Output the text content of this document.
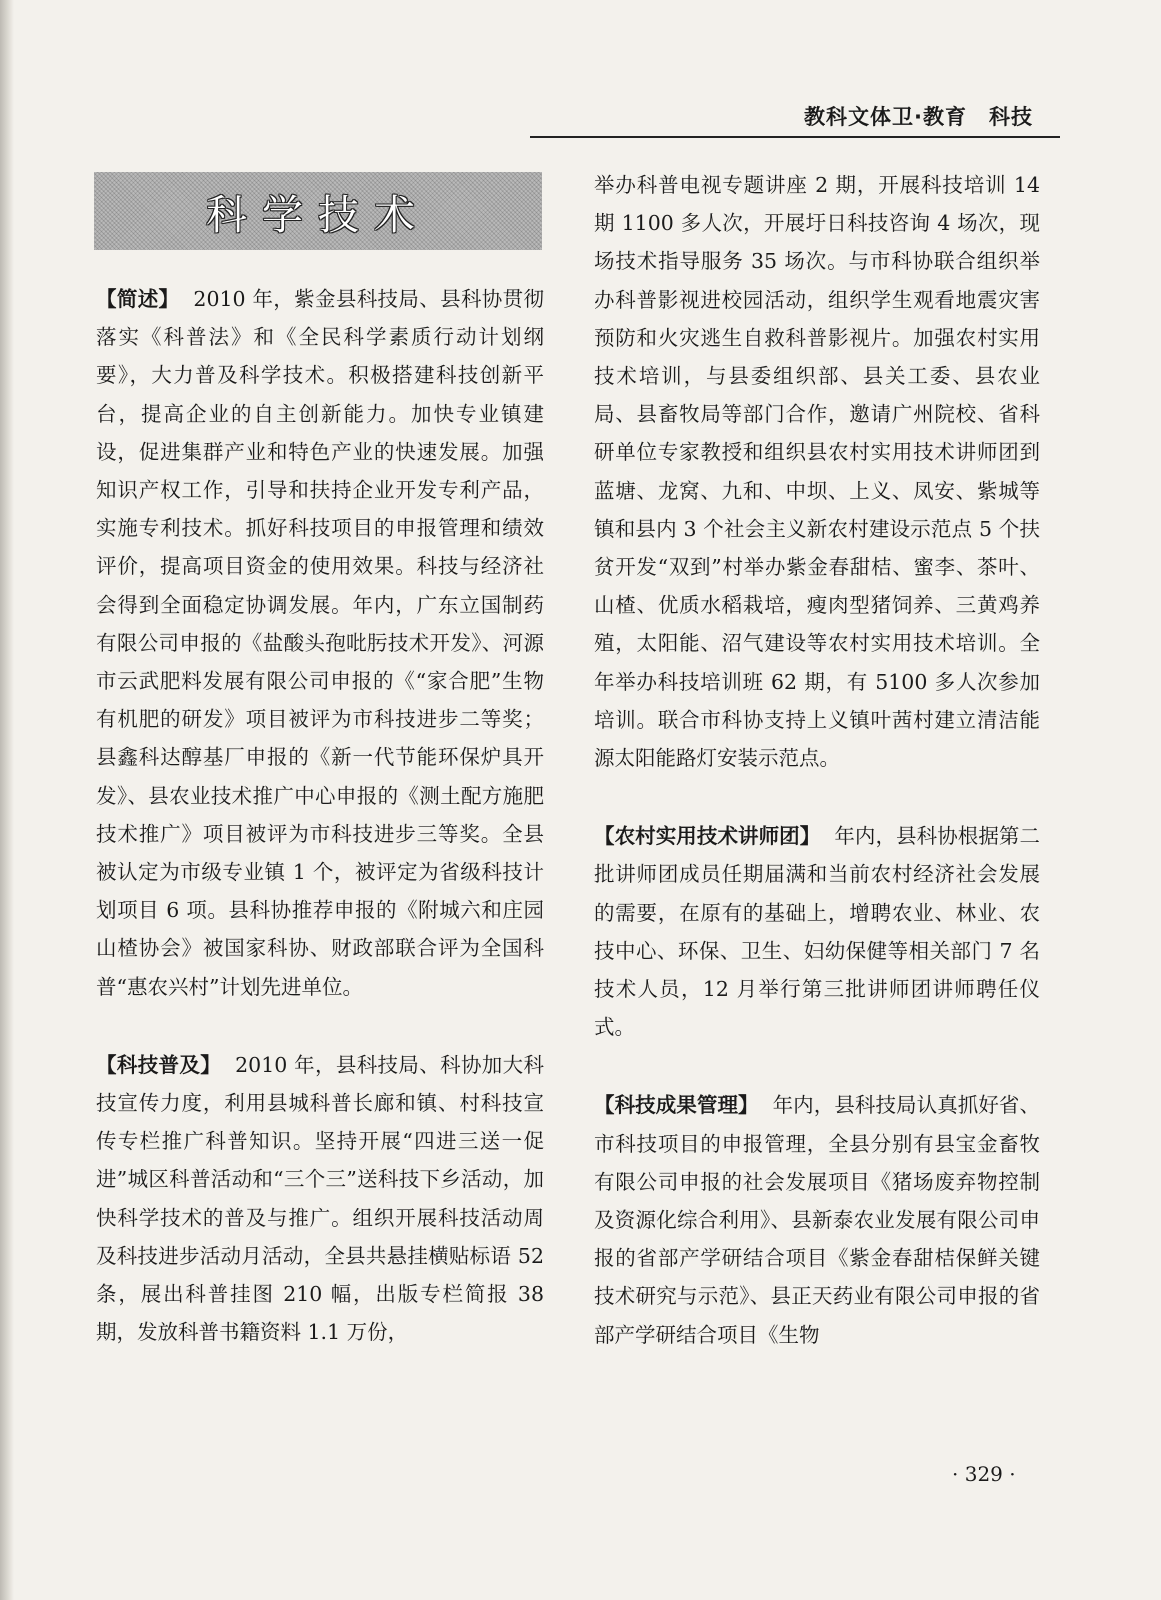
教科文体卫·教育　科技
科学技术

【简述】 2010 年，紫金县科技局、县科协贯彻落实《科普法》和《全民科学素质行动计划纲要》，大力普及科学技术。积极搭建科技创新平台，提高企业的自主创新能力。加快专业镇建设，促进集群产业和特色产业的快速发展。加强知识产权工作，引导和扶持企业开发专利产品，实施专利技术。抓好科技项目的申报管理和绩效评价，提高项目资金的使用效果。科技与经济社会得到全面稳定协调发展。年内，广东立国制药有限公司申报的《盐酸头孢吡肟技术开发》、河源市云武肥料发展有限公司申报的《“家合肥”生物有机肥的研发》项目被评为市科技进步二等奖；县鑫科达醇基厂申报的《新一代节能环保炉具开发》、县农业技术推广中心申报的《测土配方施肥技术推广》项目被评为市科技进步三等奖。全县被认定为市级专业镇 1 个，被评定为省级科技计划项目 6 项。县科协推荐申报的《附城六和庄园山楂协会》被国家科协、财政部联合评为全国科普“惠农兴村”计划先进单位。

【科技普及】 2010 年，县科技局、科协加大科技宣传力度，利用县城科普长廊和镇、村科技宣传专栏推广科普知识。坚持开展“四进三送一促进”城区科普活动和“三个三”送科技下乡活动，加快科学技术的普及与推广。组织开展科技活动周及科技进步活动月活动，全县共悬挂横贴标语 52 条，展出科普挂图 210 幅，出版专栏简报 38 期，发放科普书籍资料 1.1 万份，

举办科普电视专题讲座 2 期，开展科技培训 14 期 1100 多人次，开展圩日科技咨询 4 场次，现场技术指导服务 35 场次。与市科协联合组织举办科普影视进校园活动，组织学生观看地震灾害预防和火灾逃生自救科普影视片。加强农村实用技术培训，与县委组织部、县关工委、县农业局、县畜牧局等部门合作，邀请广州院校、省科研单位专家教授和组织县农村实用技术讲师团到蓝塘、龙窝、九和、中坝、上义、凤安、紫城等镇和县内 3 个社会主义新农村建设示范点 5 个扶贫开发“双到”村举办紫金春甜桔、蜜李、茶叶、山楂、优质水稻栽培，瘦肉型猪饲养、三黄鸡养殖，太阳能、沼气建设等农村实用技术培训。全年举办科技培训班 62 期，有 5100 多人次参加培训。联合市科协支持上义镇叶茜村建立清洁能源太阳能路灯安装示范点。

【农村实用技术讲师团】 年内，县科协根据第二批讲师团成员任期届满和当前农村经济社会发展的需要，在原有的基础上，增聘农业、林业、农技中心、环保、卫生、妇幼保健等相关部门 7 名技术人员，12 月举行第三批讲师团讲师聘任仪式。

【科技成果管理】 年内，县科技局认真抓好省、市科技项目的申报管理，全县分别有县宝金畜牧有限公司申报的社会发展项目《猪场废弃物控制及资源化综合利用》、县新泰农业发展有限公司申报的省部产学研结合项目《紫金春甜桔保鲜关键技术研究与示范》、县正天药业有限公司申报的省部产学研结合项目《生物

· 329 ·
